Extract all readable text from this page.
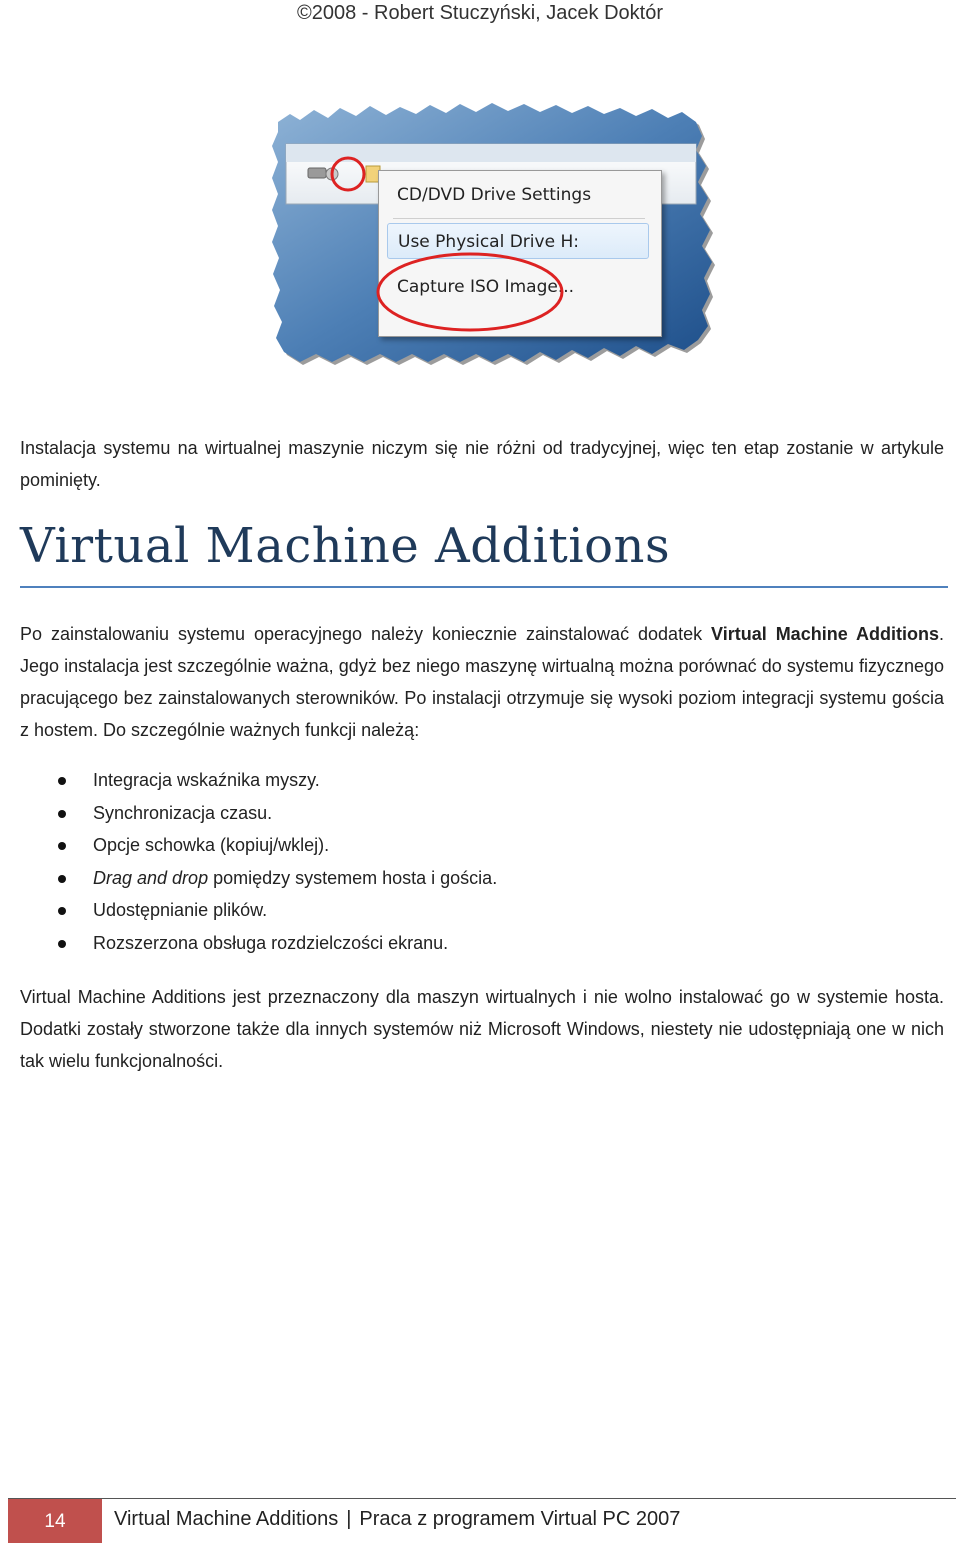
©2008 - Robert Stuczyński, Jacek Doktór
CD/DVD Drive Settings
Use Physical Drive H:
Capture ISO Image...
Instalacja systemu na wirtualnej maszynie niczym się nie różni od tradycyjnej, więc ten etap zostanie w artykule pominięty.
Virtual Machine Additions
Po zainstalowaniu systemu operacyjnego należy koniecznie zainstalować dodatek Virtual Machine Additions. Jego instalacja jest szczególnie ważna, gdyż bez niego maszynę wirtualną można porównać do systemu fizycznego pracującego bez zainstalowanych sterowników. Po instalacji otrzymuje się wysoki poziom integracji systemu gościa z hostem. Do szczególnie ważnych funkcji należą:
Integracja wskaźnika myszy.
Synchronizacja czasu.
Opcje schowka (kopiuj/wklej).
Drag and drop pomiędzy systemem hosta i gościa.
Udostępnianie plików.
Rozszerzona obsługa rozdzielczości ekranu.
Virtual Machine Additions jest przeznaczony dla maszyn wirtualnych i nie wolno instalować go w systemie hosta. Dodatki zostały stworzone także dla innych systemów niż Microsoft Windows, niestety nie udostępniają one w nich tak wielu funkcjonalności.
14	Virtual Machine Additions | Praca z programem Virtual PC 2007
